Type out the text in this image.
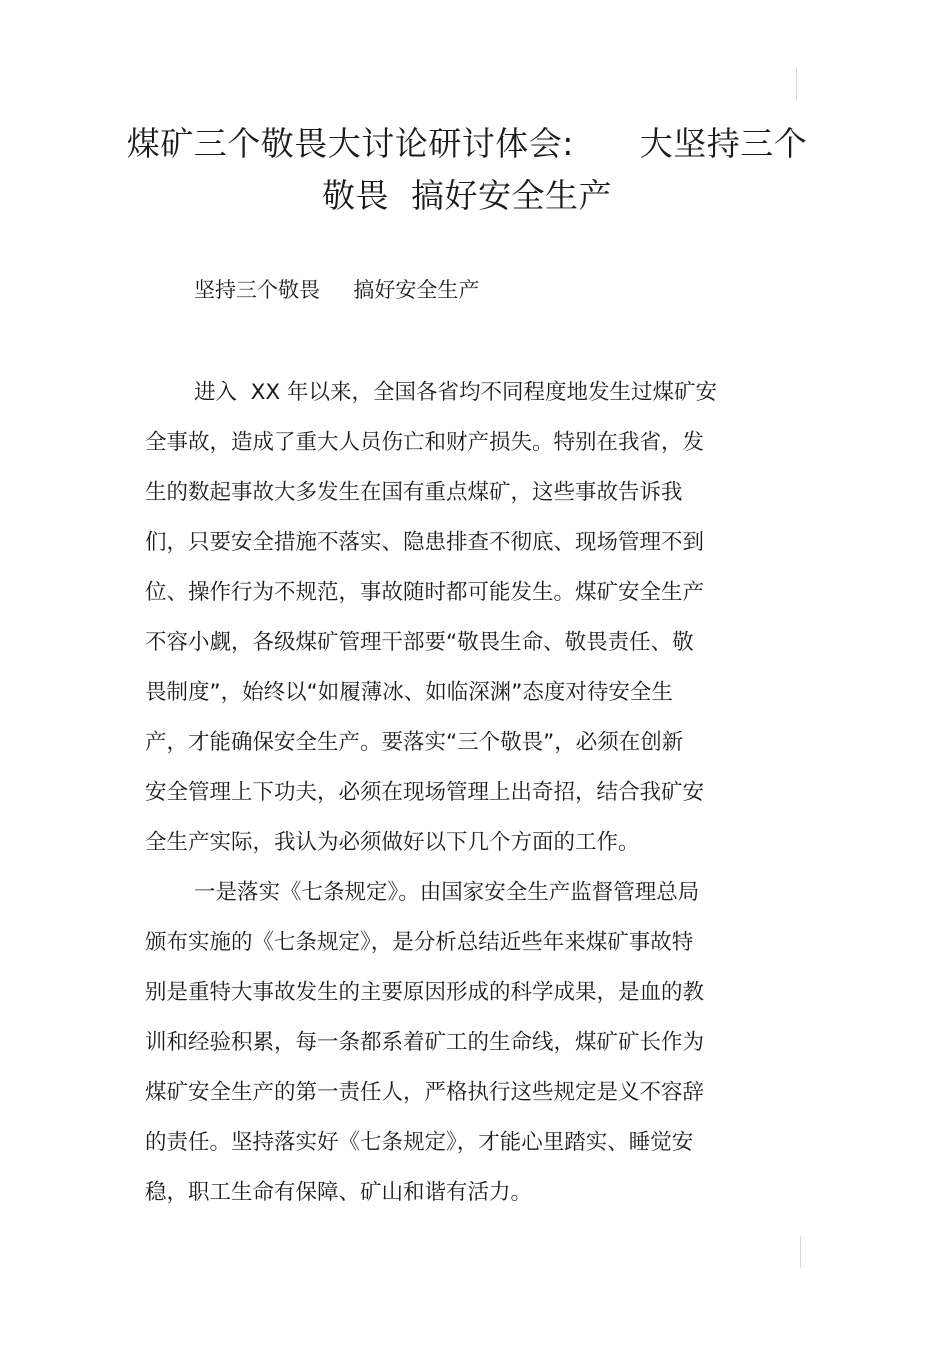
煤矿三个敬畏大讨论研讨体会:      大坚持三个
敬畏  搞好安全生产
坚持三个敬畏     搞好安全生产
进入  XX 年以来，全国各省均不同程度地发生过煤矿安
全事故，造成了重大人员伤亡和财产损失。特别在我省，发
生的数起事故大多发生在国有重点煤矿，这些事故告诉我
们，只要安全措施不落实、隐患排查不彻底、现场管理不到
位、操作行为不规范，事故随时都可能发生。煤矿安全生产
不容小觑，各级煤矿管理干部要“敬畏生命、敬畏责任、敬
畏制度”，始终以“如履薄冰、如临深渊”态度对待安全生
产，才能确保安全生产。要落实“三个敬畏”，必须在创新
安全管理上下功夫，必须在现场管理上出奇招，结合我矿安
全生产实际，我认为必须做好以下几个方面的工作。
一是落实《七条规定》。由国家安全生产监督管理总局
颁布实施的《七条规定》，是分析总结近些年来煤矿事故特
别是重特大事故发生的主要原因形成的科学成果，是血的教
训和经验积累，每一条都系着矿工的生命线，煤矿矿长作为
煤矿安全生产的第一责任人，严格执行这些规定是义不容辞
的责任。坚持落实好《七条规定》，才能心里踏实、睡觉安
稳，职工生命有保障、矿山和谐有活力。
